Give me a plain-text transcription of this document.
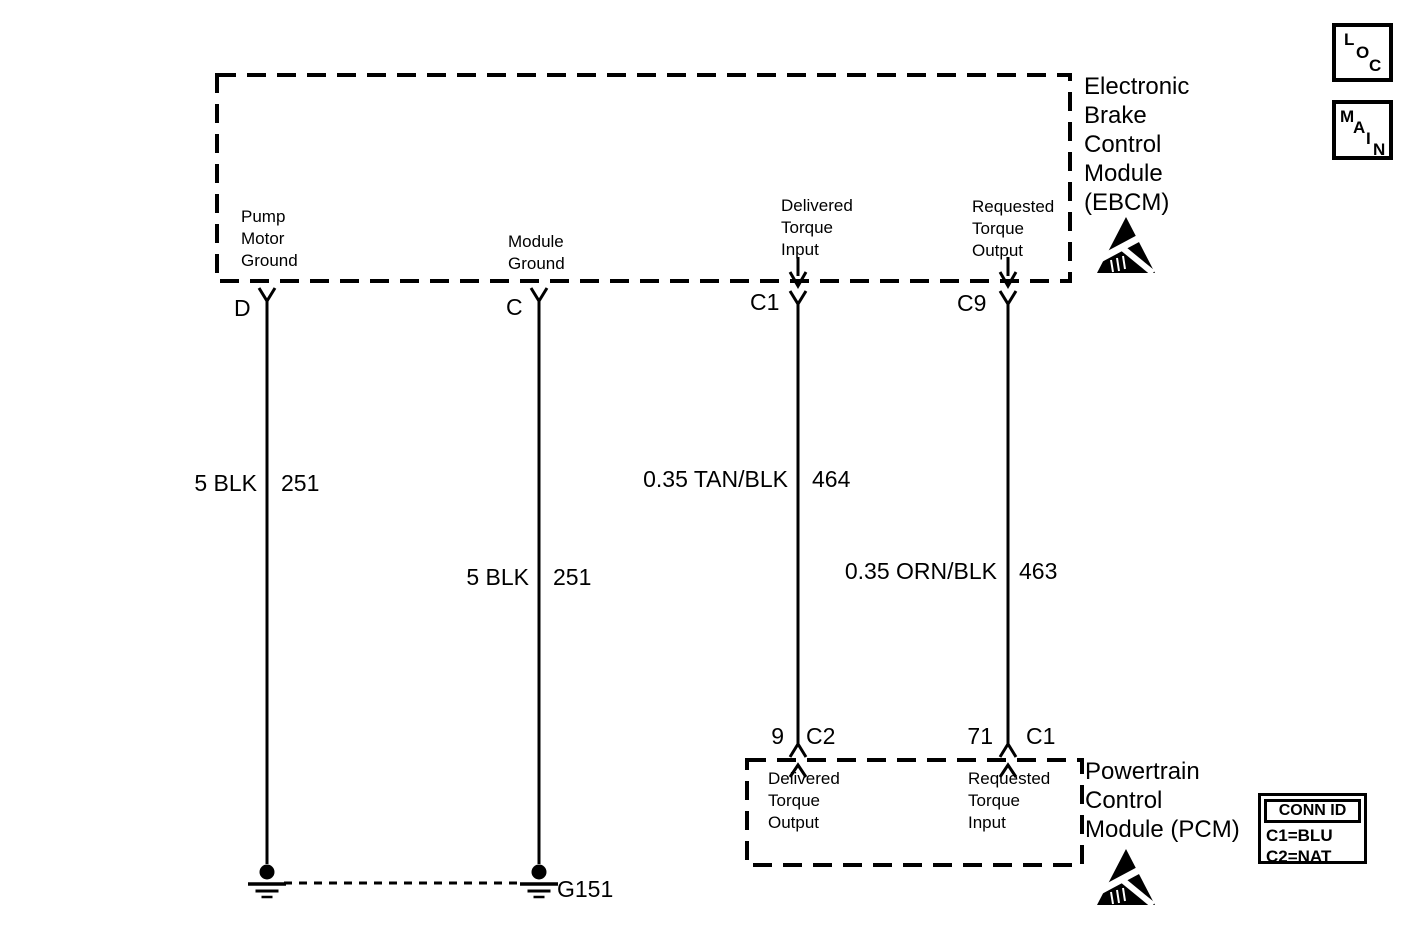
L
O
C
M
A
I
N
Electronic
Brake
Control
Module
(EBCM)
Pump
Motor
Ground
Module
Ground
Delivered
Torque
Input
Requested
Torque
Output
D	C	C1	C9
5 BLK 251
5 BLK 251
0.35 TAN/BLK 464
0.35 ORN/BLK 463
9 C2	71 C1
Delivered
Torque
Output
Requested
Torque
Input
Powertrain
Control
Module (PCM)
G151
CONN ID
C1=BLU
C2=NAT
